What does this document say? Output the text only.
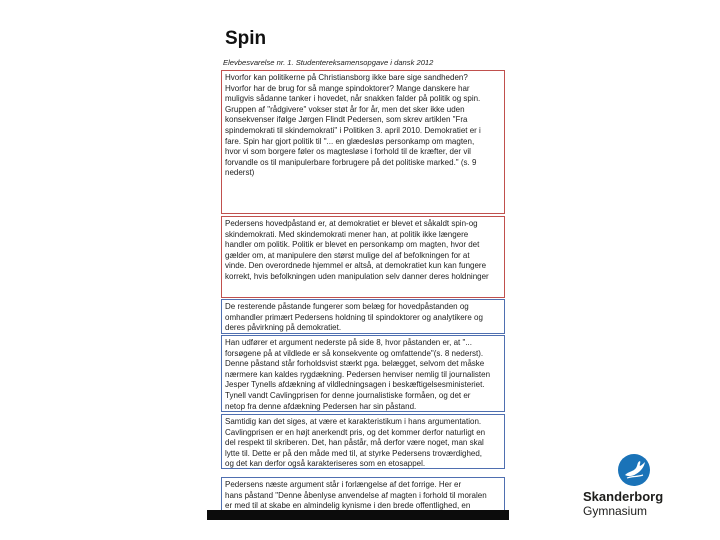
Spin
Elevbesvarelse nr. 1. Studentereksamensopgave i dansk 2012

Hvorfor kan politikerne på Christiansborg ikke bare sige sandheden?
Hvorfor har de brug for så mange spindoktorer? Mange danskere har
muligvis sådanne tanker i hovedet, når snakken falder på politik og spin.
Gruppen af "rådgivere" vokser støt år for år, men det sker ikke uden
konsekvenser ifølge Jørgen Flindt Pedersen, som skrev artiklen "Fra
spindemokrati til skindemokrati" i Politiken 3. april 2010. Demokratiet er i
fare. Spin har gjort politik til "... en glædesløs personkamp om magten,
hvor vi som borgere føler os magtesløse i forhold til de kræfter, der vil
forvandle os til manipulerbare forbrugere på det politiske marked." (s. 9
nederst)

Pedersens hovedpåstand er, at demokratiet er blevet et såkaldt spin-og
skindemokrati. Med skindemokrati mener han, at politik ikke længere
handler om politik. Politik er blevet en personkamp om magten, hvor det
gælder om, at manipulere den størst mulige del af befolkningen for at
vinde. Den overordnede hjemmel er altså, at demokratiet kun kan fungere
korrekt, hvis befolkningen uden manipulation selv danner deres holdninger

De resterende påstande fungerer som belæg for hovedpåstanden og
omhandler primært Pedersens holdning til spindoktorer og analytikere og
deres påvirkning på demokratiet.

Han udfører et argument nederste på side 8, hvor påstanden er, at "...
forsøgene på at vildlede er så konsekvente og omfattende"(s. 8 nederst).
Denne påstand står forholdsvist stærkt pga. belægget, selvom det måske
nærmere kan kaldes rygdækning. Pedersen henviser nemlig til journalisten
Jesper Tynells afdækning af vildledningsagen i beskæftigelsesministeriet.
Tynell vandt Cavlingprisen for denne journalistiske formåen, og det er
netop fra denne afdækning Pedersen har sin påstand.

Samtidig kan det siges, at være et karakteristikum i hans argumentation.
Cavlingprisen er en højt anerkendt pris, og det kommer derfor naturligt en
del respekt til skriberen. Det, han påstår, må derfor være noget, man skal
lytte til. Dette er på den måde med til, at styrke Pedersens troværdighed,
og det kan derfor også karakteriseres som en etosappel.

Pedersens næste argument står i forlængelse af det forrige. Her er
hans påstand "Denne åbenlyse anvendelse af magten i forhold til moralen
er med til at skabe en almindelig kynisme i den brede offentlighed, en

Skanderborg
Gymnasium
